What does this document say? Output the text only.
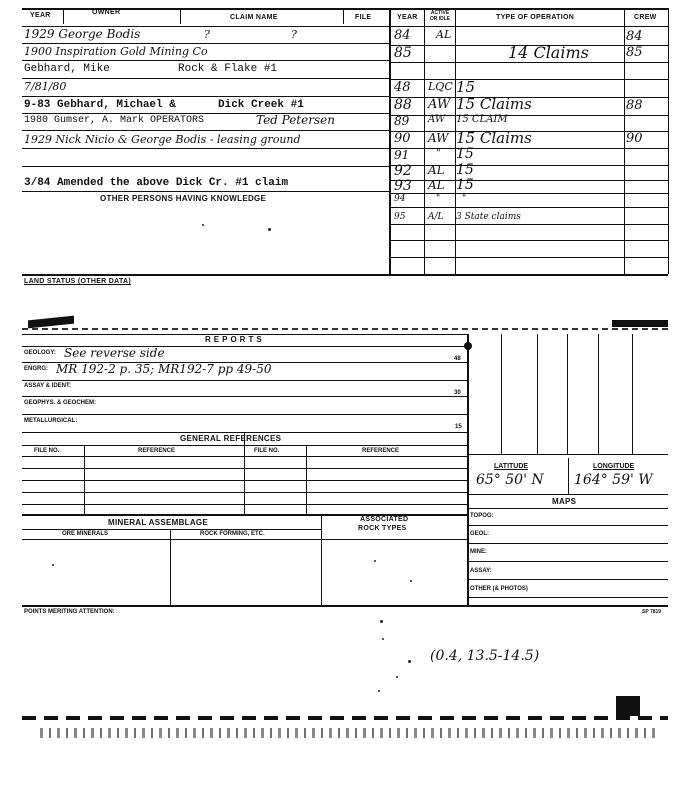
YEAR	OWNER
CLAIM NAME	FILE	YEAR
ACTIVE OR IDLE	TYPE OF OPERATION	CREW
1929 George Bodis	?	?
1900 Inspiration Gold Mining Co
Gebhard, Mike	Rock & Flake #1
7/81/80
9-83 Gebhard, Michael &	Dick Creek #1
1980 Gumser, A. Mark OPERATORS	Ted Petersen
1929 Nick Nicio & George Bodis - leasing ground
3/84 Amended the above Dick Cr. #1 claim
OTHER PERSONS HAVING KNOWLEDGE
84 AL	84
85	14 Claims	85
48 LQC 15
88 AW 15 Claims	88
89 AW 15 CLAIM
90 AW 15 Claims	90
91	" 15
92 AL 15
93 AL 15
94	" "
95	A/L 3 State claims
LAND STATUS (OTHER DATA)
REPORTS
GEOLOGY: See reverse side	48
ENGRG: MR 192-2 p. 35; MR192-7 pp 49-50
ASSAY & IDENT:
30
GEOPHYS. & GEOCHEM:
METALLURGICAL:
15
GENERAL REFERENCES
FILE NO.	REFERENCE	FILE NO.	REFERENCE
LATITUDE	LONGITUDE
65° 50' N 164° 59' W
MAPS
TOPOG:
GEOL:
MINE:
ASSAY:
OTHER (& PHOTOS)
MINERAL ASSEMBLAGE	ASSOCIATED
ROCK TYPES
ORE MINERALS	ROCK FORMING, ETC.
POINTS MERITING ATTENTION:	SP 7819
(0.4, 13.5-14.5)
